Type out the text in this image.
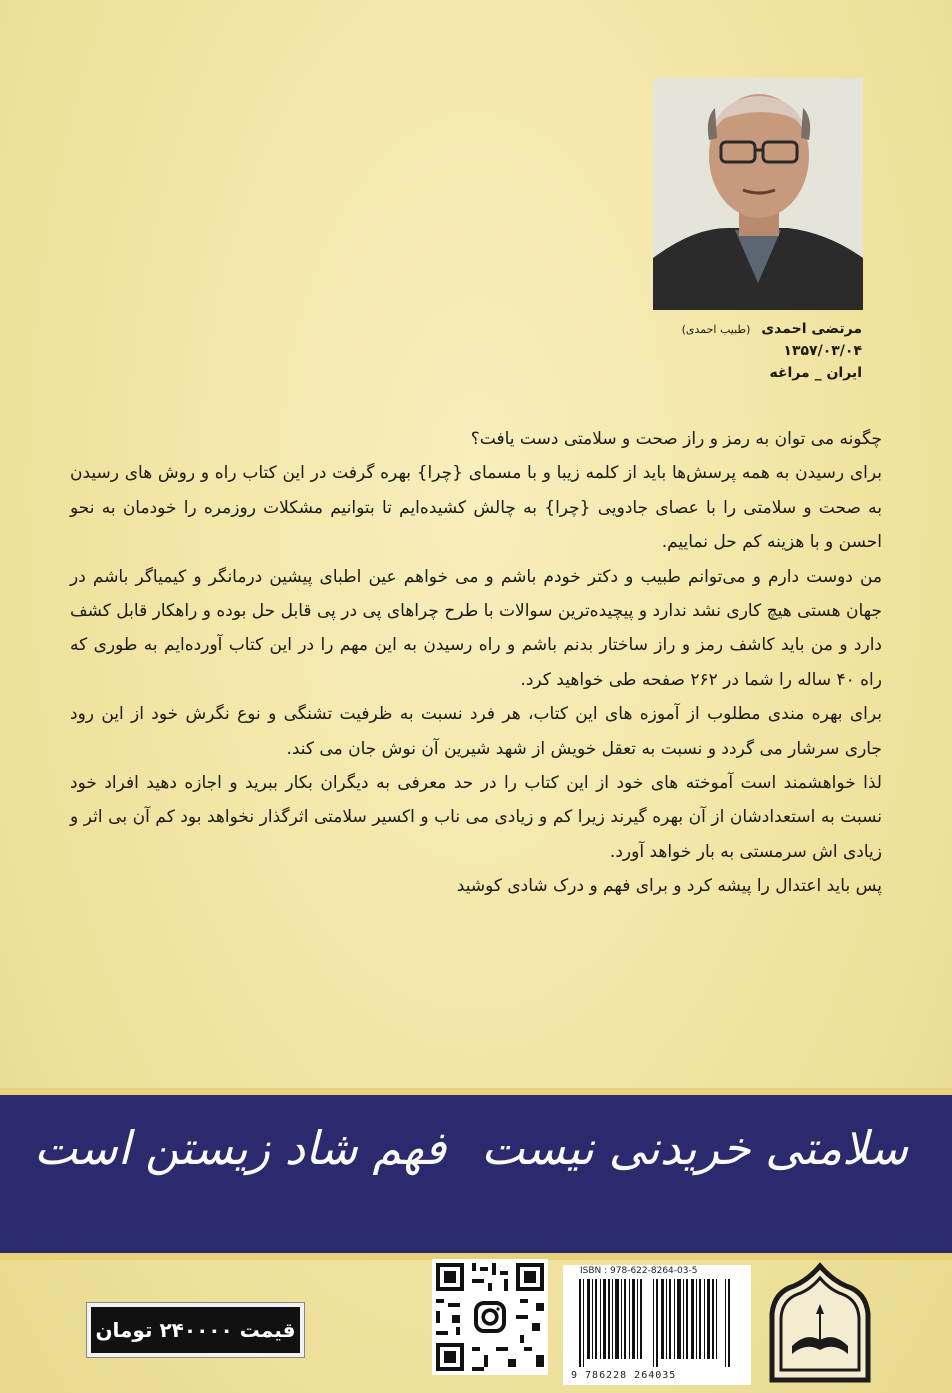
مرتضی احمدی (طبیب احمدی)
۱۳۵۷/۰۳/۰۴
ایران _ مراغه

چگونه می توان به رمز و راز صحت و سلامتی دست یافت؟

برای رسیدن به همه پرسش‌ها باید از کلمه زیبا و با مسمای {چرا} بهره گرفت در این کتاب راه و روش های رسیدن به صحت و سلامتی را با عصای جادویی {چرا} به چالش کشیده‌ایم تا بتوانیم مشکلات روزمره را خودمان به نحو احسن و با هزینه کم حل نماییم.

من دوست دارم و می‌توانم طبیب و دکتر خودم باشم و می خواهم عین اطبای پیشین درمانگر و کیمیاگر باشم در جهان هستی هیچ کاری نشد ندارد و پیچیده‌ترین سوالات با طرح چراهای پی در پی قابل حل بوده و راهکار قابل کشف دارد و من باید کاشف رمز و راز ساختار بدنم باشم و راه رسیدن به این مهم را در این کتاب آورده‌ایم به طوری که راه ۴۰ ساله را شما در ۲۶۲ صفحه طی خواهید کرد.

برای بهره مندی مطلوب از آموزه های این کتاب، هر فرد نسبت به ظرفیت تشنگی و نوع نگرش خود از این رود جاری سرشار می گردد و نسبت به تعقل خویش از شهد شیرین آن نوش جان می کند.

لذا خواهشمند است آموخته های خود از این کتاب را در حد معرفی به دیگران بکار ببرید و اجازه دهید افراد خود نسبت به استعدادشان از آن بهره گیرند زیرا کم و زیادی می ناب و اکسیر سلامتی اثرگذار نخواهد بود کم آن بی اثر و زیادی اش سرمستی به بار خواهد آورد.

پس باید اعتدال را پیشه کرد و برای فهم و درک شادی کوشید

سلامتی خریدنی نیست
فهم شاد زیستن است
قیمت ۲۴۰۰۰۰ تومان
ISBN : 978-622-8264-03-5
9 786228 264035
